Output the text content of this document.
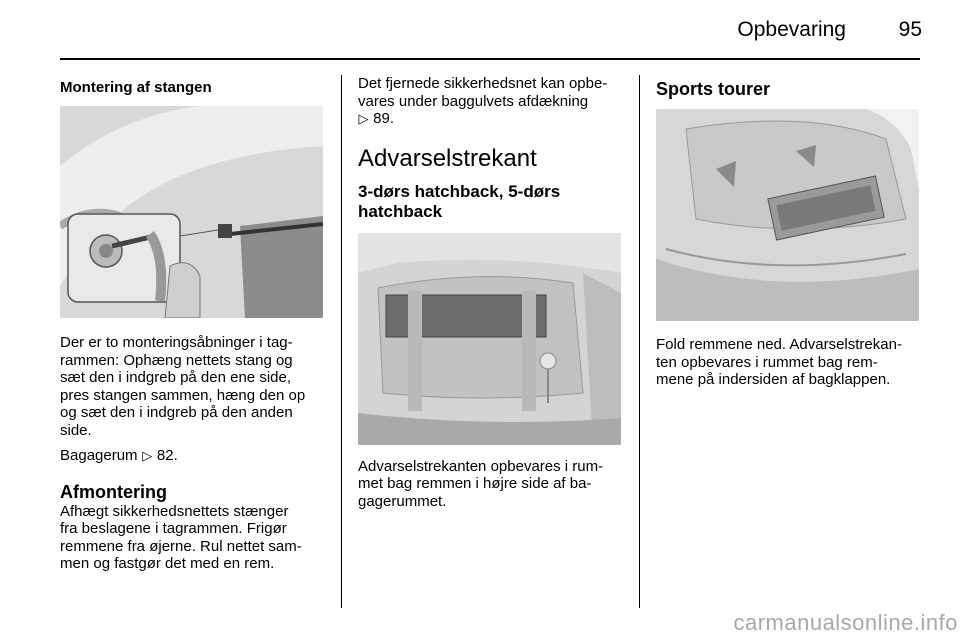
Opbevaring	95
Montering af stangen

Der er to monteringsåbninger i tag-

rammen: Ophæng nettets stang og

sæt den i indgreb på den ene side,

pres stangen sammen, hæng den op

og sæt den i indgreb på den anden

side.

Bagagerum ▷ 82.

Afmontering

Afhægt sikkerhedsnettets stænger

fra beslagene i tagrammen. Frigør

remmene fra øjerne. Rul nettet sam-

men og fastgør det med en rem.

Det fjernede sikkerhedsnet kan opbe-

vares under baggulvets afdækning

▷ 89.

Advarselstrekant
3-dørs hatchback, 5-dørs
hatchback

Advarselstrekanten opbevares i rum-

met bag remmen i højre side af ba-

gagerummet.

Sports tourer

Fold remmene ned. Advarselstrekan-

ten opbevares i rummet bag rem-

mene på indersiden af bagklappen.

carmanualsonline.info
